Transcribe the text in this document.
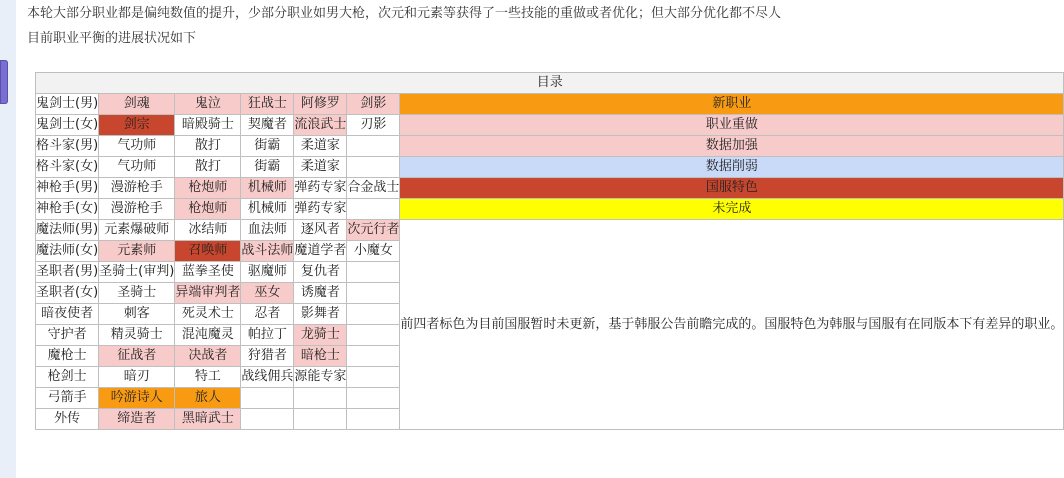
本轮大部分职业都是偏纯数值的提升，少部分职业如男大枪，次元和元素等获得了一些技能的重做或者优化；但大部分优化都不尽人
目前职业平衡的进展状况如下
目录						
鬼剑士(男)	剑魂	鬼泣	狂战士	阿修罗	剑影	新职业
鬼剑士(女)	剑宗	暗殿骑士	契魔者	流浪武士	刃影	职业重做
格斗家(男)	气功师	散打	街霸	柔道家		数据加强
格斗家(女)	气功师	散打	街霸	柔道家		数据削弱
神枪手(男)	漫游枪手	枪炮师	机械师	弹药专家	合金战士	国服特色
神枪手(女)	漫游枪手	枪炮师	机械师	弹药专家		未完成
魔法师(男)	元素爆破师	冰结师	血法师	逐风者	次元行者	前四者标色为目前国服暂时未更新，基于韩服公告前瞻完成的。国服特色为韩服与国服有在同版本下有差异的职业。
魔法师(女)	元素师	召唤师	战斗法师	魔道学者	小魔女	
圣职者(男)	圣骑士(审判)	蓝拳圣使	驱魔师	复仇者		
圣职者(女)	圣骑士	异端审判者	巫女	诱魔者		
暗夜使者	刺客	死灵术士	忍者	影舞者		
守护者	精灵骑士	混沌魔灵	帕拉丁	龙骑士		
魔枪士	征战者	决战者	狩猎者	暗枪士		
枪剑士	暗刃	特工	战线佣兵	源能专家		
弓箭手	吟游诗人	旅人				
外传	缔造者	黑暗武士				
